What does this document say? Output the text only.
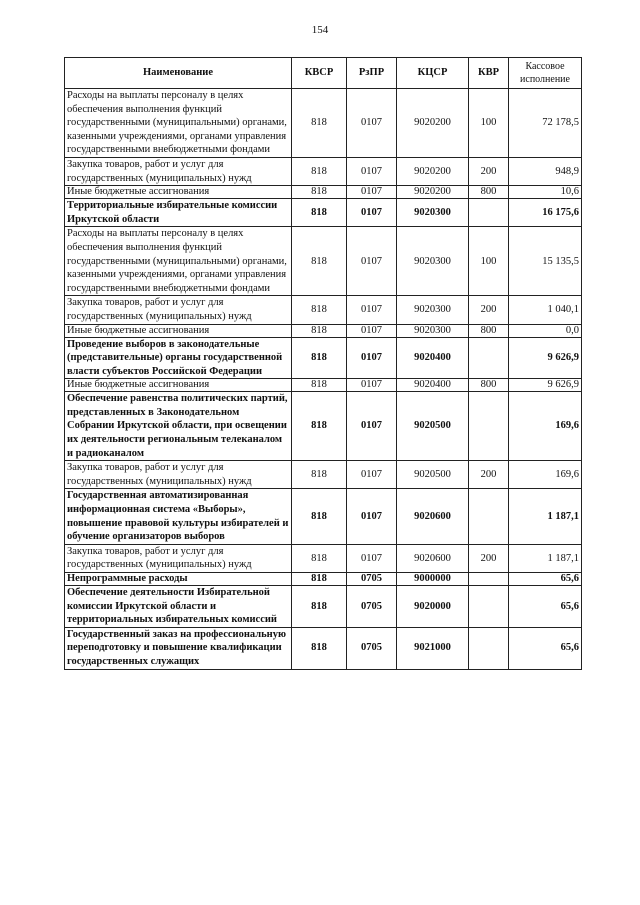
154
Наименование	КВСР	РзПР	КЦСР	КВР	Кассовое исполнение
Расходы на выплаты персоналу в целях обеспечения выполнения функций государственными (муниципальными) органами, казенными учреждениями, органами управления государственными внебюджетными фондами	818	0107	9020200	100	72 178,5
Закупка товаров, работ и услуг для государственных (муниципальных) нужд	818	0107	9020200	200	948,9
Иные бюджетные ассигнования	818	0107	9020200	800	10,6
Территориальные избирательные комиссии Иркутской области	818	0107	9020300		16 175,6
Расходы на выплаты персоналу в целях обеспечения выполнения функций государственными (муниципальными) органами, казенными учреждениями, органами управления государственными внебюджетными фондами	818	0107	9020300	100	15 135,5
Закупка товаров, работ и услуг для государственных (муниципальных) нужд	818	0107	9020300	200	1 040,1
Иные бюджетные ассигнования	818	0107	9020300	800	0,0
Проведение выборов в законодательные (представительные) органы государственной власти субъектов Российской Федерации	818	0107	9020400		9 626,9
Иные бюджетные ассигнования	818	0107	9020400	800	9 626,9
Обеспечение равенства политических партий, представленных в Законодательном Собрании Иркутской области, при освещении их деятельности региональным телеканалом и радиоканалом	818	0107	9020500		169,6
Закупка товаров, работ и услуг для государственных (муниципальных) нужд	818	0107	9020500	200	169,6
Государственная автоматизированная информационная система «Выборы», повышение правовой культуры избирателей и обучение организаторов выборов	818	0107	9020600		1 187,1
Закупка товаров, работ и услуг для государственных (муниципальных) нужд	818	0107	9020600	200	1 187,1
Непрограммные расходы	818	0705	9000000		65,6
Обеспечение деятельности Избирательной комиссии Иркутской области и территориальных избирательных комиссий	818	0705	9020000		65,6
Государственный заказ на профессиональную переподготовку и повышение квалификации государственных служащих	818	0705	9021000		65,6
